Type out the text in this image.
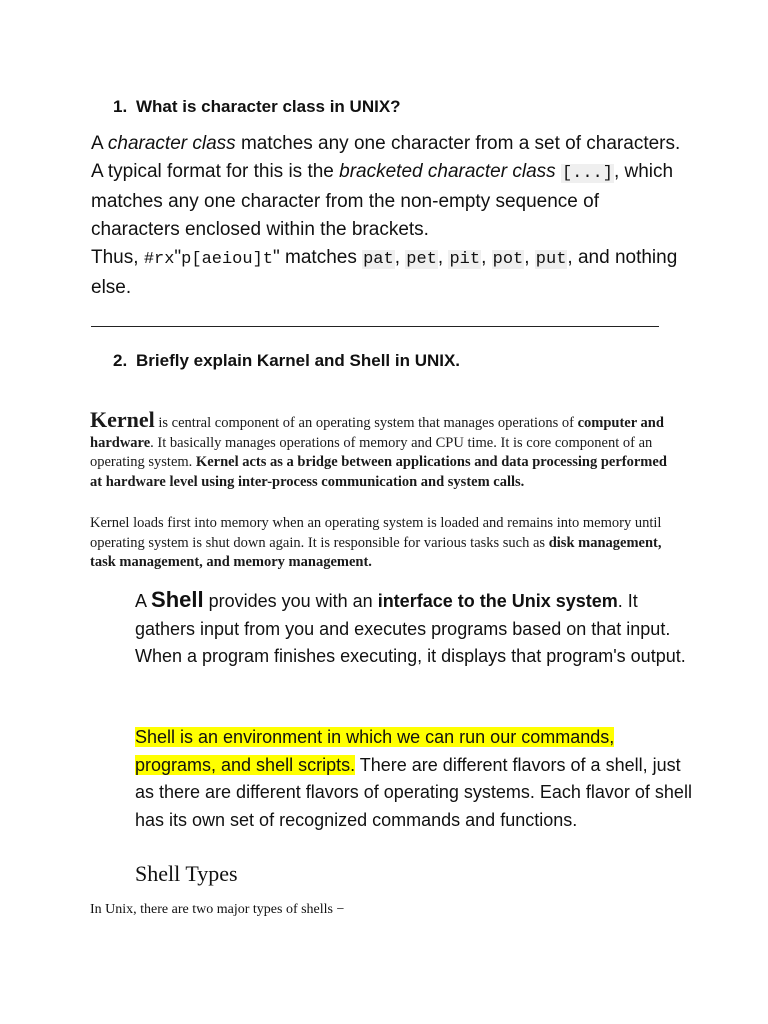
1. What is character class in UNIX?
A character class matches any one character from a set of characters. A typical format for this is the bracketed character class [...], which matches any one character from the non-empty sequence of characters enclosed within the brackets.
Thus, #rx"p[aeiou]t" matches pat, pet, pit, pot, put, and nothing else.
2. Briefly explain Karnel and Shell in UNIX.
Kernel is central component of an operating system that manages operations of computer and hardware. It basically manages operations of memory and CPU time. It is core component of an operating system. Kernel acts as a bridge between applications and data processing performed at hardware level using inter-process communication and system calls.
Kernel loads first into memory when an operating system is loaded and remains into memory until operating system is shut down again. It is responsible for various tasks such as disk management, task management, and memory management.
A Shell provides you with an interface to the Unix system. It gathers input from you and executes programs based on that input. When a program finishes executing, it displays that program's output.
Shell is an environment in which we can run our commands, programs, and shell scripts. There are different flavors of a shell, just as there are different flavors of operating systems. Each flavor of shell has its own set of recognized commands and functions.
Shell Types
In Unix, there are two major types of shells −
